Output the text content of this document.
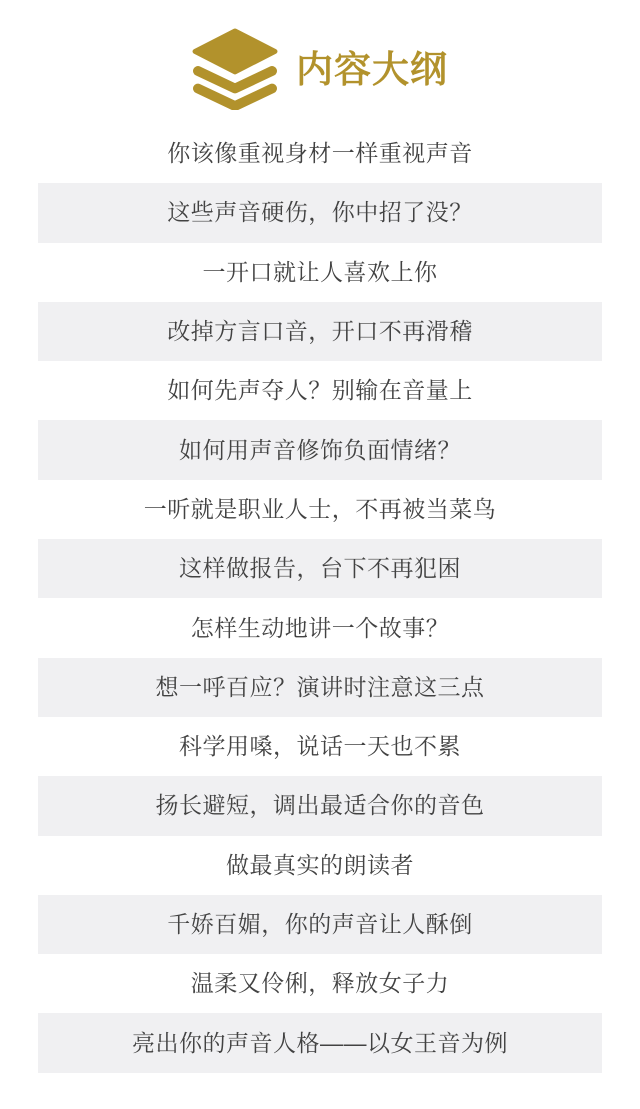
内容大纲
你该像重视身材一样重视声音
这些声音硬伤，你中招了没？
一开口就让人喜欢上你
改掉方言口音，开口不再滑稽
如何先声夺人？别输在音量上
如何用声音修饰负面情绪？
一听就是职业人士，不再被当菜鸟
这样做报告，台下不再犯困
怎样生动地讲一个故事？
想一呼百应？演讲时注意这三点
科学用嗓，说话一天也不累
扬长避短，调出最适合你的音色
做最真实的朗读者
千娇百媚，你的声音让人酥倒
温柔又伶俐，释放女子力
亮出你的声音人格——以女王音为例
